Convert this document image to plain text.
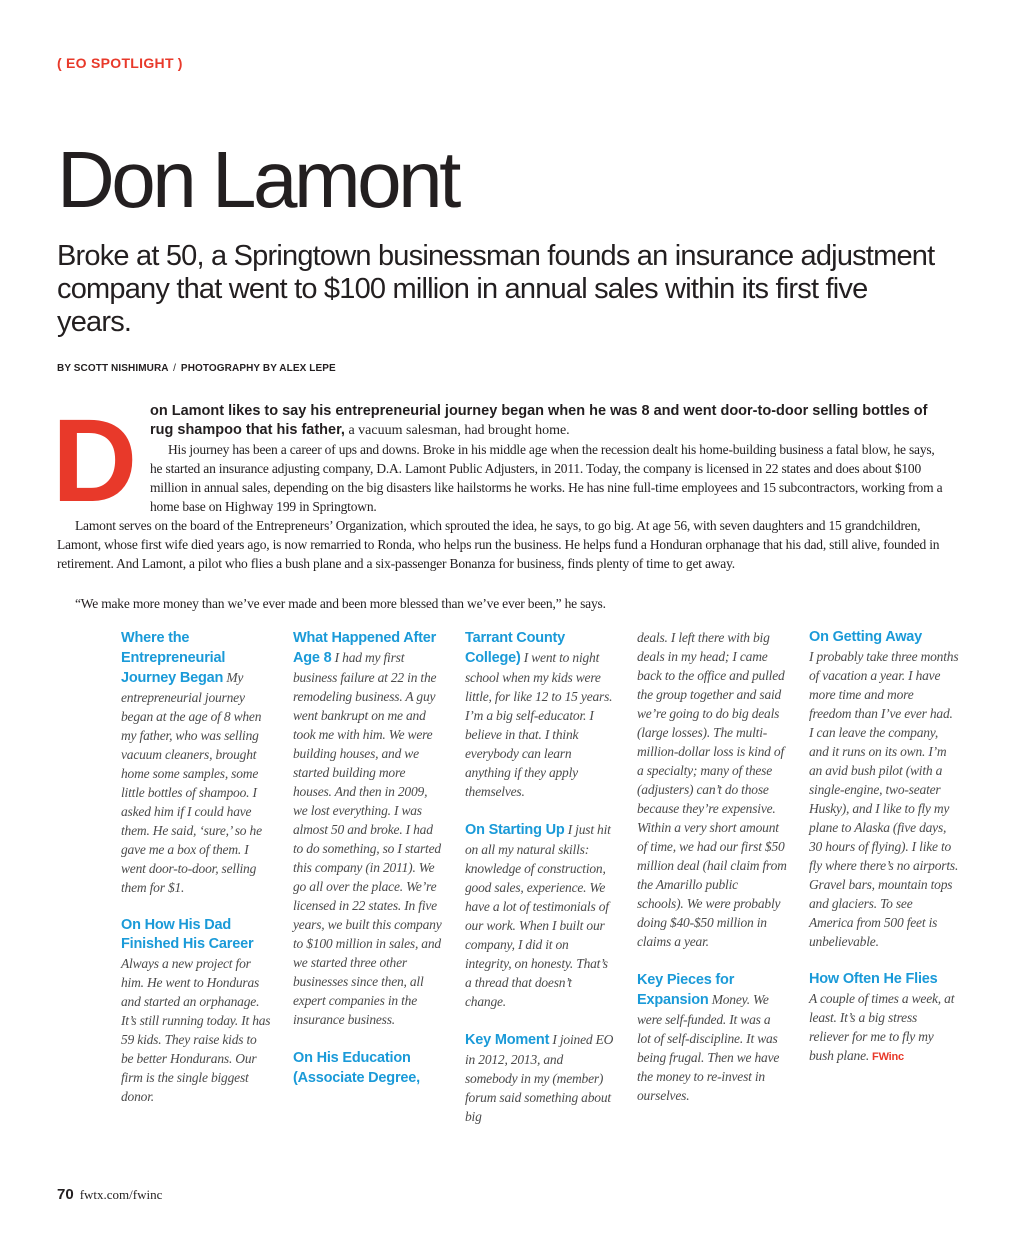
( EO SPOTLIGHT )
Don Lamont
Broke at 50, a Springtown businessman founds an insurance adjustment company that went to $100 million in annual sales within its first five years.
BY SCOTT NISHIMURA / PHOTOGRAPHY BY ALEX LEPE
D on Lamont likes to say his entrepreneurial journey began when he was 8 and went door-to-door selling bottles of rug shampoo that his father, a vacuum salesman, had brought home.
His journey has been a career of ups and downs. Broke in his middle age when the recession dealt his home-building business a fatal blow, he says, he started an insurance adjusting company, D.A. Lamont Public Adjusters, in 2011. Today, the company is licensed in 22 states and does about $100 million in annual sales, depending on the big disasters like hailstorms he works. He has nine full-time employees and 15 subcontractors, working from a home base on Highway 199 in Springtown.
Lamont serves on the board of the Entrepreneurs’ Organization, which sprouted the idea, he says, to go big. At age 56, with seven daughters and 15 grandchildren, Lamont, whose first wife died years ago, is now remarried to Ronda, who helps run the business. He helps fund a Honduran orphanage that his dad, still alive, founded in retirement. And Lamont, a pilot who flies a bush plane and a six-passenger Bonanza for business, finds plenty of time to get away.
“We make more money than we’ve ever made and been more blessed than we’ve ever been,” he says.

Where the Entrepreneurial Journey Began My entrepreneurial journey began at the age of 8 when my father, who was selling vacuum cleaners, brought home some samples, some little bottles of shampoo. I asked him if I could have them. He said, ‘sure,’ so he gave me a box of them. I went door-to-door, selling them for $1.

On How His Dad Finished His Career
Always a new project for him. He went to Honduras and started an orphanage. It’s still running today. It has 59 kids. They raise kids to be better Hondurans. Our firm is the single biggest donor.

What Happened After Age 8 I had my first business failure at 22 in the remodeling business. A guy went bankrupt on me and took me with him. We were building houses, and we started building more houses. And then in 2009, we lost everything. I was almost 50 and broke. I had to do something, so I started this company (in 2011). We go all over the place. We’re licensed in 22 states. In five years, we built this company to $100 million in sales, and we started three other businesses since then, all expert companies in the insurance business.

On His Education (Associate Degree,

Tarrant County College) I went to night school when my kids were little, for like 12 to 15 years. I’m a big self-educator. I believe in that. I think everybody can learn anything if they apply themselves.

On Starting Up I just hit on all my natural skills: knowledge of construction, good sales, experience. We have a lot of testimonials of our work. When I built our company, I did it on integrity, on honesty. That’s a thread that doesn’t change.

Key Moment I joined EO in 2012, 2013, and somebody in my (member) forum said something about big

deals. I left there with big deals in my head; I came back to the office and pulled the group together and said we’re going to do big deals (large losses). The multi-million-dollar loss is kind of a specialty; many of these (adjusters) can’t do those because they’re expensive. Within a very short amount of time, we had our first $50 million deal (hail claim from the Amarillo public schools). We were probably doing $40-$50 million in claims a year.

Key Pieces for Expansion Money. We were self-funded. It was a lot of self-discipline. It was being frugal. Then we have the money to re-invest in ourselves.

On Getting Away
I probably take three months of vacation a year. I have more time and more freedom than I’ve ever had. I can leave the company, and it runs on its own. I’m an avid bush pilot (with a single-engine, two-seater Husky), and I like to fly my plane to Alaska (five days, 30 hours of flying). I like to fly where there’s no airports. Gravel bars, mountain tops and glaciers. To see America from 500 feet is unbelievable.

How Often He Flies
A couple of times a week, at least. It’s a big stress reliever for me to fly my bush plane. FWinc

70 fwtx.com/fwinc
